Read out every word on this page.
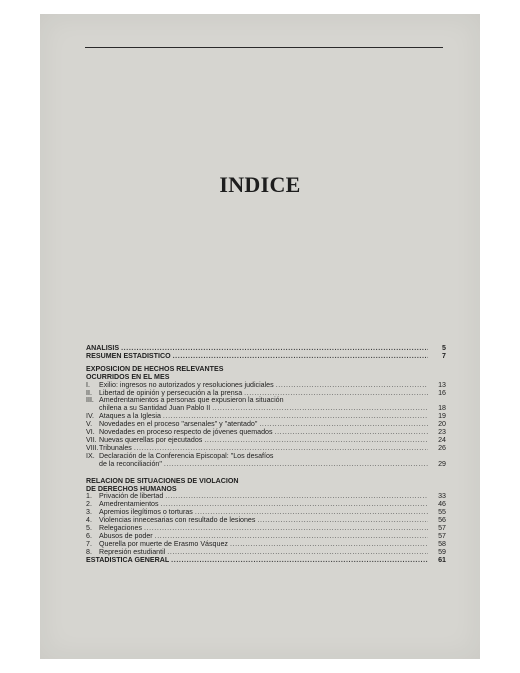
INDICE
ANALISIS .....	5
RESUMEN ESTADISTICO .....	7
EXPOSICION DE HECHOS RELEVANTES
OCURRIDOS EN EL MES
I.	Exilio: ingresos no autorizados y resoluciones judiciales .....	13
II. Libertad de opinión y persecución a la prensa .....	16
III. Amedrentamientos a personas que expusieron la situación
chilena a su Santidad Juan Pablo II .....	18
IV. Ataques a la Iglesia .....	19
V. Novedades en el proceso "arsenales" y "atentado" .....	20
VI. Novedades en proceso respecto de jóvenes quemados .....	23
VII. Nuevas querellas por ejecutados .....	24
VIII. Tribunales .....	26
IX. Declaración de la Conferencia Episcopal: "Los desafíos
de la reconciliación" .....	29
RELACION DE SITUACIONES DE VIOLACION
DE DERECHOS HUMANOS
1. Privación de libertad .....	33
2. Amedrentamientos .....	46
3. Apremios ilegítimos o torturas .....	55
4. Violencias innecesarias con resultado de lesiones .....	56
5. Relegaciones .....	57
6. Abusos de poder .....	57
7. Querella por muerte de Erasmo Vásquez .....	58
8. Represión estudiantil .....	59
ESTADISTICA GENERAL .....	61
